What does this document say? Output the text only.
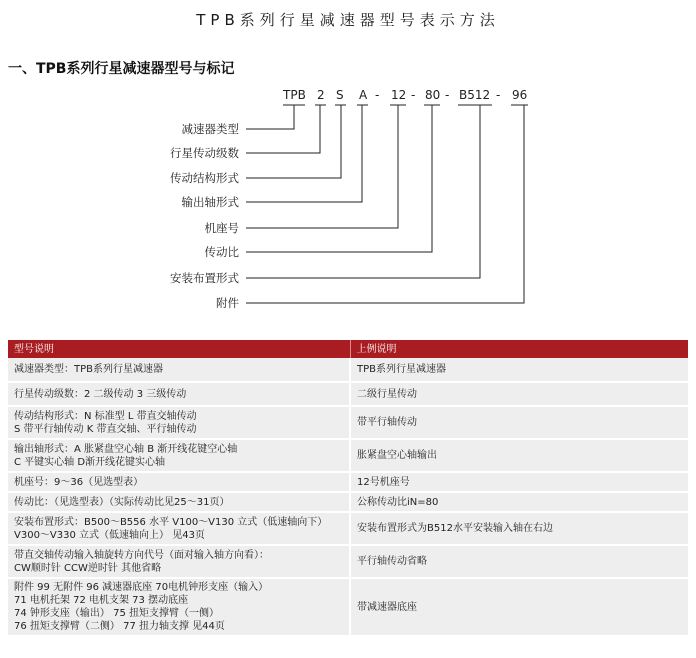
TPB系列行星减速器型号表示方法
一、TPB系列行星减速器型号与标记
TPB 2 S A - 12 - 80 - B512 - 96
减速器类型
行星传动级数
传动结构形式
输出轴形式
机座号
传动比
安装布置形式
附件
型号说明	上例说明

减速器类型：TPB系列行星减速器	TPB系列行星减速器

行星传动级数：2 二级传动 3 三级传动	二级行星传动

传动结构形式：N 标准型 L 带直交轴传动
S 带平行轴传动 K 带直交轴、平行轴传动	带平行轴传动

输出轴形式：A 胀紧盘空心轴 B 渐开线花键空心轴
C 平键实心轴 D渐开线花键实心轴	胀紧盘空心轴输出

机座号：9～36（见选型表）	12号机座号

传动比：（见选型表）（实际传动比见25～31页）	公称传动比iN=80

安装布置形式：B500～B556 水平 V100～V130 立式（低速轴向下）
V300～V330 立式（低速轴向上） 见43页	安装布置形式为B512水平安装输入轴在右边

带直交轴传动输入轴旋转方向代号（面对输入轴方向看）：
CW顺时针 CCW逆时针 其他省略	平行轴传动省略

附件 99 无附件 96 减速器底座 70电机钟形支座（输入）
71 电机托架 72 电机支架 73 摆动底座
74 钟形支座（输出） 75 扭矩支撑臂（一侧）
76 扭矩支撑臂（二侧） 77 扭力轴支撑 见44页	带减速器底座
